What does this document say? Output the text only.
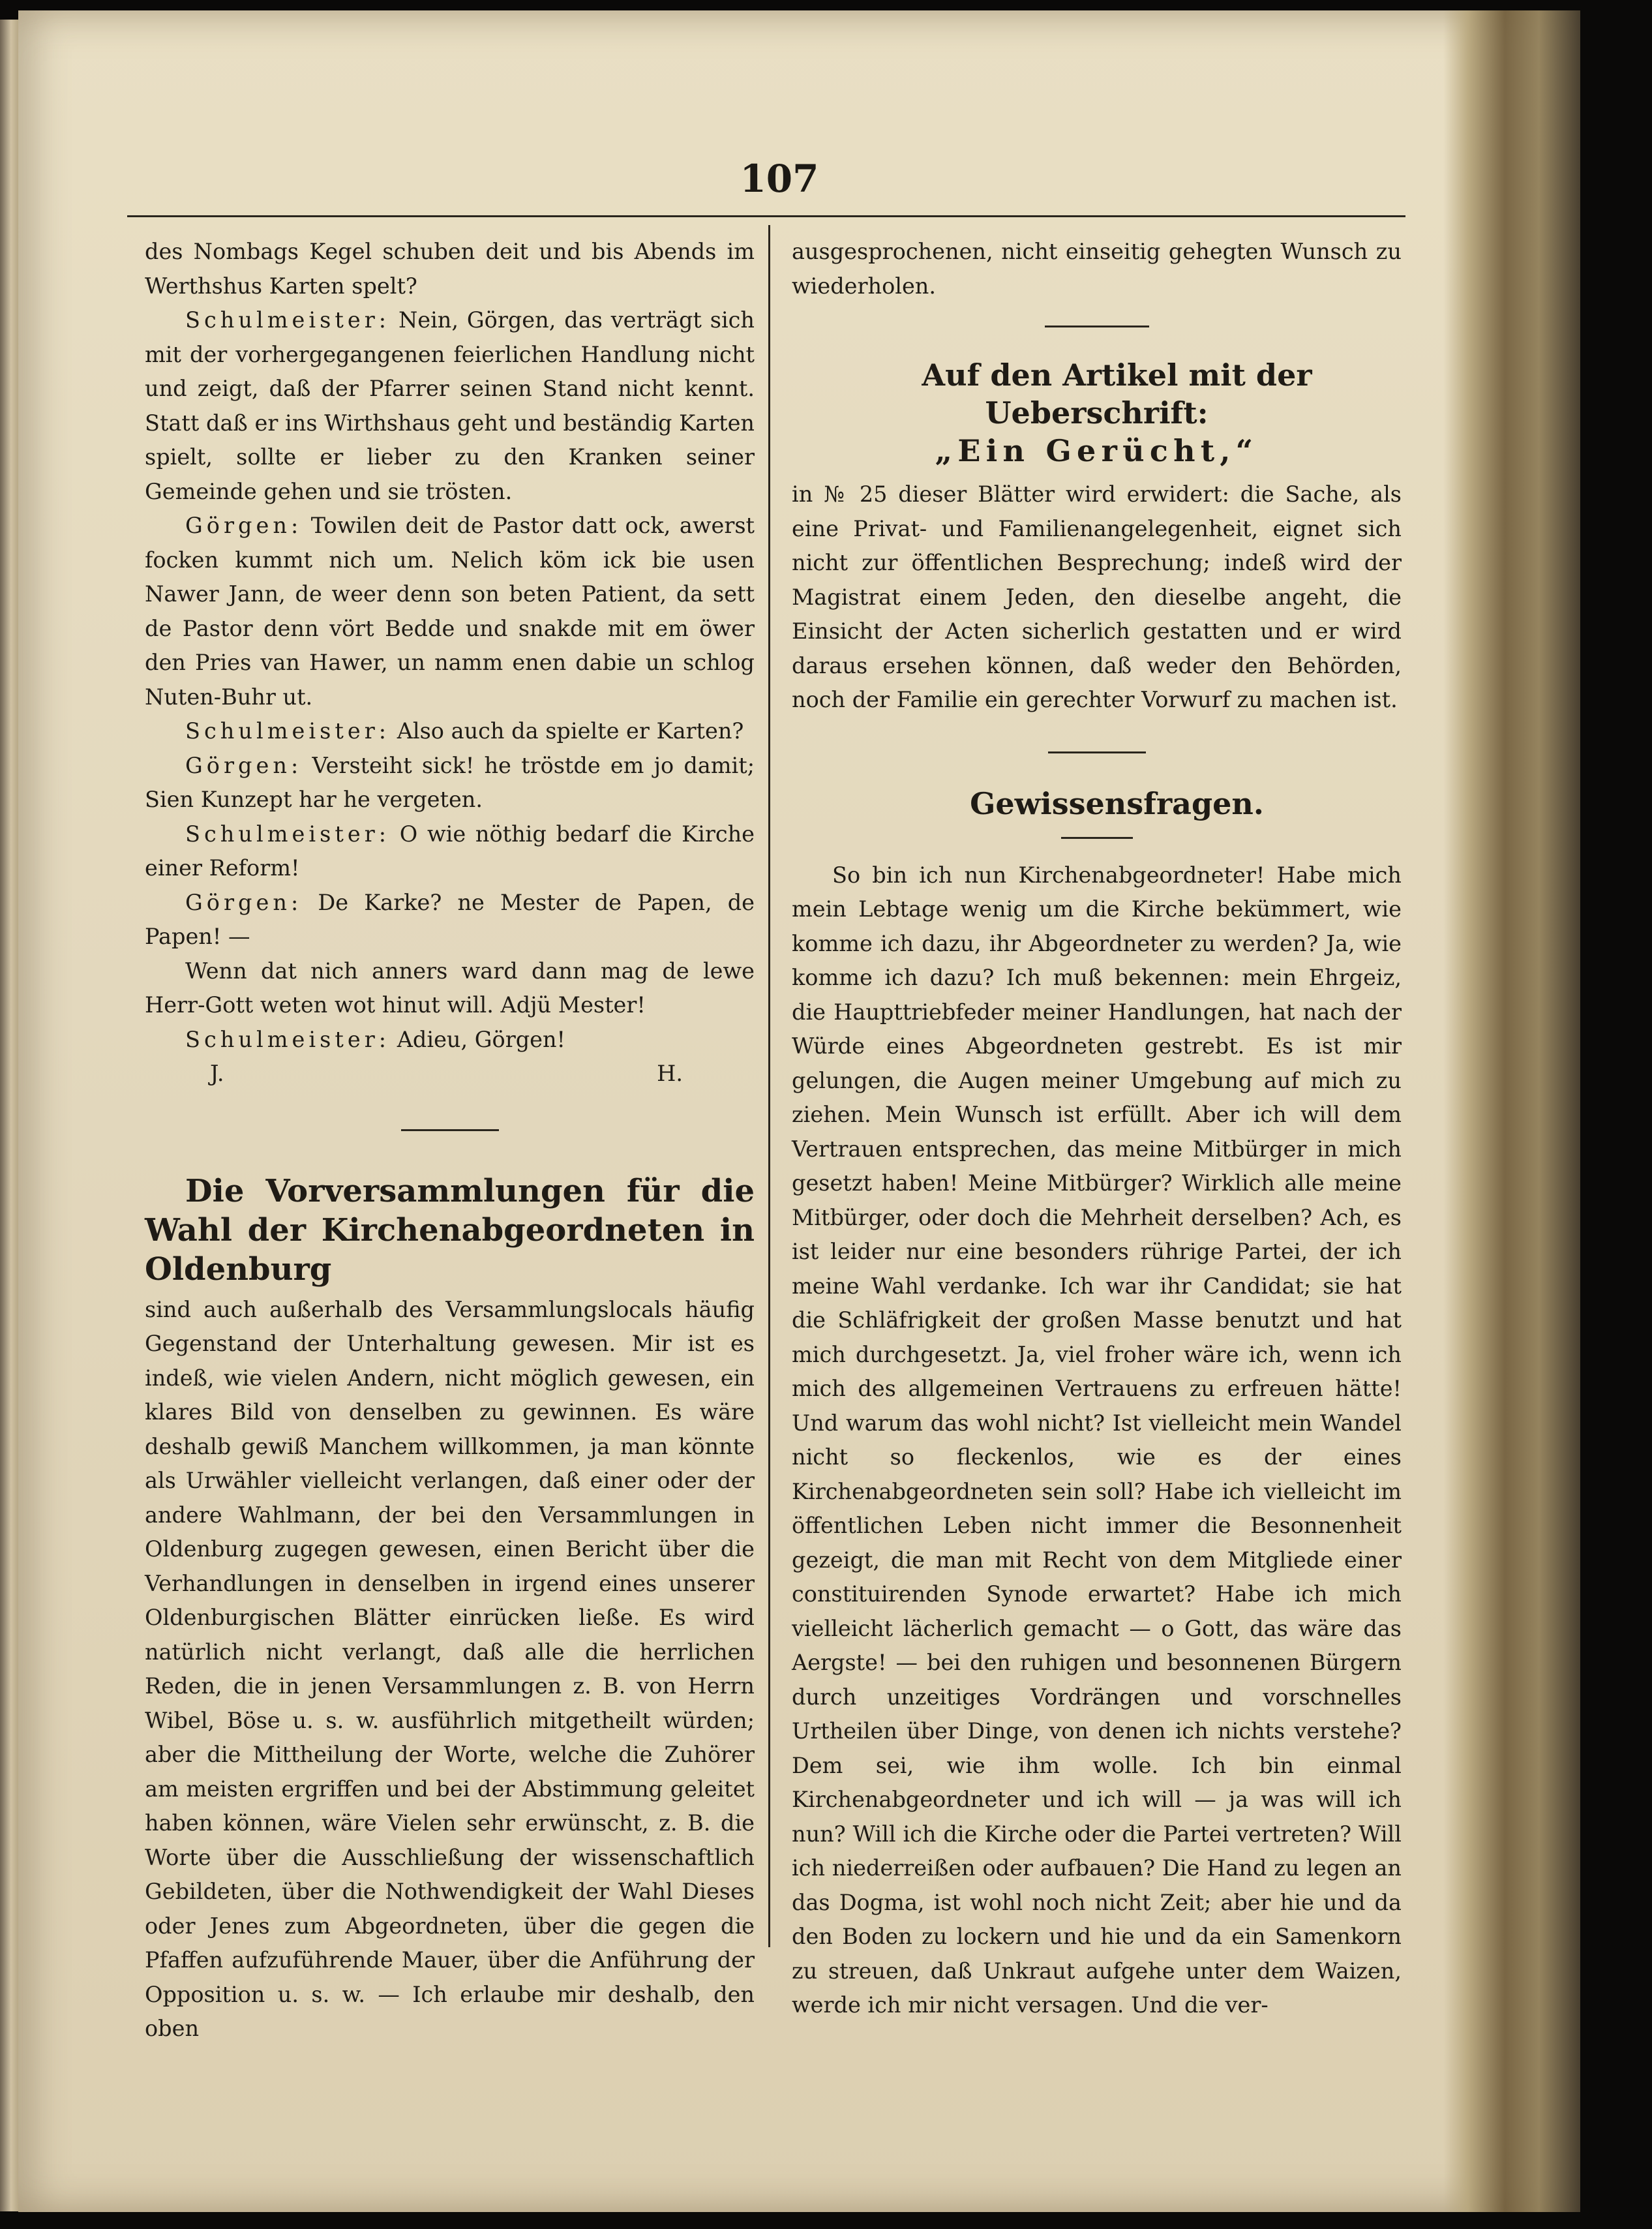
107

des Nombags Kegel schuben deit und bis Abends im Werthshus Karten spelt?

Schulmeister: Nein, Görgen, das verträgt sich mit der vorhergegangenen feierlichen Handlung nicht und zeigt, daß der Pfarrer seinen Stand nicht kennt. Statt daß er ins Wirthshaus geht und beständig Karten spielt, sollte er lieber zu den Kranken seiner Gemeinde gehen und sie trösten.

Görgen: Towilen deit de Pastor datt ock, awerst focken kummt nich um. Nelich köm ick bie usen Nawer Jann, de weer denn son beten Patient, da sett de Pastor denn vört Bedde und snakde mit em öwer den Pries van Hawer, un namm enen dabie un schlog Nuten-Buhr ut.

Schulmeister: Also auch da spielte er Karten?

Görgen: Versteiht sick! he tröstde em jo damit; Sien Kunzept har he vergeten.

Schulmeister: O wie nöthig bedarf die Kirche einer Reform!

Görgen: De Karke? ne Mester de Papen, de Papen! —

Wenn dat nich anners ward dann mag de lewe Herr-Gott weten wot hinut will. Adjü Mester!

Schulmeister: Adieu, Görgen!

J.	H.

Die Vorversammlungen für die Wahl der Kirchenabgeordneten in Oldenburg

sind auch außerhalb des Versammlungslocals häufig Gegenstand der Unterhaltung gewesen. Mir ist es indeß, wie vielen Andern, nicht möglich gewesen, ein klares Bild von denselben zu gewinnen. Es wäre deshalb gewiß Manchem willkommen, ja man könnte als Urwähler vielleicht verlangen, daß einer oder der andere Wahlmann, der bei den Versammlungen in Oldenburg zugegen gewesen, einen Bericht über die Verhandlungen in denselben in irgend eines unserer Oldenburgischen Blätter einrücken ließe. Es wird natürlich nicht verlangt, daß alle die herrlichen Reden, die in jenen Versammlungen z. B. von Herrn Wibel, Böse u. s. w. ausführlich mitgetheilt würden; aber die Mittheilung der Worte, welche die Zuhörer am meisten ergriffen und bei der Abstimmung geleitet haben können, wäre Vielen sehr erwünscht, z. B. die Worte über die Ausschließung der wissenschaftlich Gebildeten, über die Nothwendigkeit der Wahl Dieses oder Jenes zum Abgeordneten, über die gegen die Pfaffen aufzuführende Mauer, über die Anführung der Opposition u. s. w. — Ich erlaube mir deshalb, den oben

ausgesprochenen, nicht einseitig gehegten Wunsch zu wiederholen.

Auf den Artikel mit der Ueberschrift:
„Ein Gerücht,“

in № 25 dieser Blätter wird erwidert: die Sache, als eine Privat- und Familienangelegenheit, eignet sich nicht zur öffentlichen Besprechung; indeß wird der Magistrat einem Jeden, den dieselbe angeht, die Einsicht der Acten sicherlich gestatten und er wird daraus ersehen können, daß weder den Behörden, noch der Familie ein gerechter Vorwurf zu machen ist.

Gewissensfragen.

So bin ich nun Kirchenabgeordneter! Habe mich mein Lebtage wenig um die Kirche bekümmert, wie komme ich dazu, ihr Abgeordneter zu werden? Ja, wie komme ich dazu? Ich muß bekennen: mein Ehrgeiz, die Haupttriebfeder meiner Handlungen, hat nach der Würde eines Abgeordneten gestrebt. Es ist mir gelungen, die Augen meiner Umgebung auf mich zu ziehen. Mein Wunsch ist erfüllt. Aber ich will dem Vertrauen entsprechen, das meine Mitbürger in mich gesetzt haben! Meine Mitbürger? Wirklich alle meine Mitbürger, oder doch die Mehrheit derselben? Ach, es ist leider nur eine besonders rührige Partei, der ich meine Wahl verdanke. Ich war ihr Candidat; sie hat die Schläfrigkeit der großen Masse benutzt und hat mich durchgesetzt. Ja, viel froher wäre ich, wenn ich mich des allgemeinen Vertrauens zu erfreuen hätte! Und warum das wohl nicht? Ist vielleicht mein Wandel nicht so fleckenlos, wie es der eines Kirchenabgeordneten sein soll? Habe ich vielleicht im öffentlichen Leben nicht immer die Besonnenheit gezeigt, die man mit Recht von dem Mitgliede einer constituirenden Synode erwartet? Habe ich mich vielleicht lächerlich gemacht — o Gott, das wäre das Aergste! — bei den ruhigen und besonnenen Bürgern durch unzeitiges Vordrängen und vorschnelles Urtheilen über Dinge, von denen ich nichts verstehe? Dem sei, wie ihm wolle. Ich bin einmal Kirchenabgeordneter und ich will — ja was will ich nun? Will ich die Kirche oder die Partei vertreten? Will ich niederreißen oder aufbauen? Die Hand zu legen an das Dogma, ist wohl noch nicht Zeit; aber hie und da den Boden zu lockern und hie und da ein Samenkorn zu streuen, daß Unkraut aufgehe unter dem Waizen, werde ich mir nicht versagen. Und die ver-
